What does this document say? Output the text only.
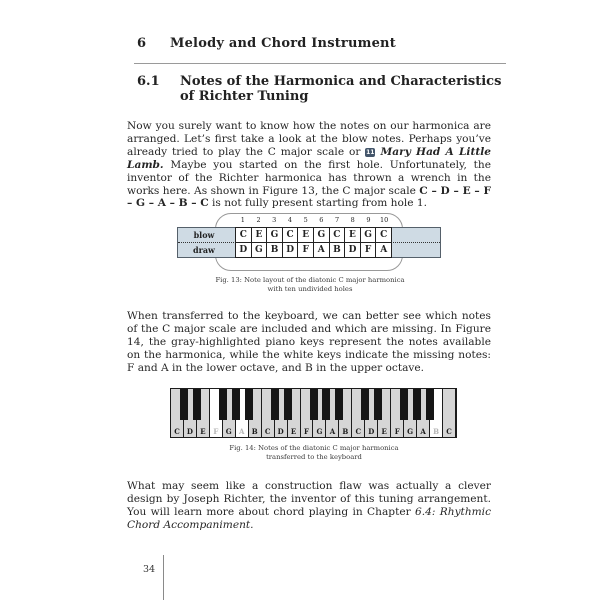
6 Melody and Chord Instrument
6.1	Notes of the Harmonica and Characteristics
of Richter Tuning
Now you surely want to know how the notes on our harmonica are arranged. Let’s first take a look at the blow notes. Perhaps you’ve already tried to play the C major scale or 11 Mary Had A Little Lamb. Maybe you started on the first hole. Unfortunately, the inventor of the Richter harmonica has thrown a wrench in the works here. As shown in Figure 13, the C major scale C – D – E – F – G – A – B – C is not fully present starting from hole 1.
blow
draw
1	2	3	4	5	6	7	8	9	10
C E G C E G C E G C
D G B D F A B D F A
Fig. 13: Note layout of the diatonic C major harmonica
with ten undivided holes
When transferred to the keyboard, we can better see which notes of the C major scale are included and which are missing. In Figure 14, the gray-highlighted piano keys represent the notes available on the harmonica, while the white keys indicate the missing notes: F and A in the lower octave, and B in the upper octave.
C	D	E	F	G	A	B	C	D	E	F	G	A	B	C	D	E	F	G	A	B	C
Fig. 14: Notes of the diatonic C major harmonica
transferred to the keyboard
What may seem like a construction flaw was actually a clever design by Joseph Richter, the inventor of this tuning arrangement. You will learn more about chord playing in Chapter 6.4: Rhythmic Chord Accompaniment.
34
